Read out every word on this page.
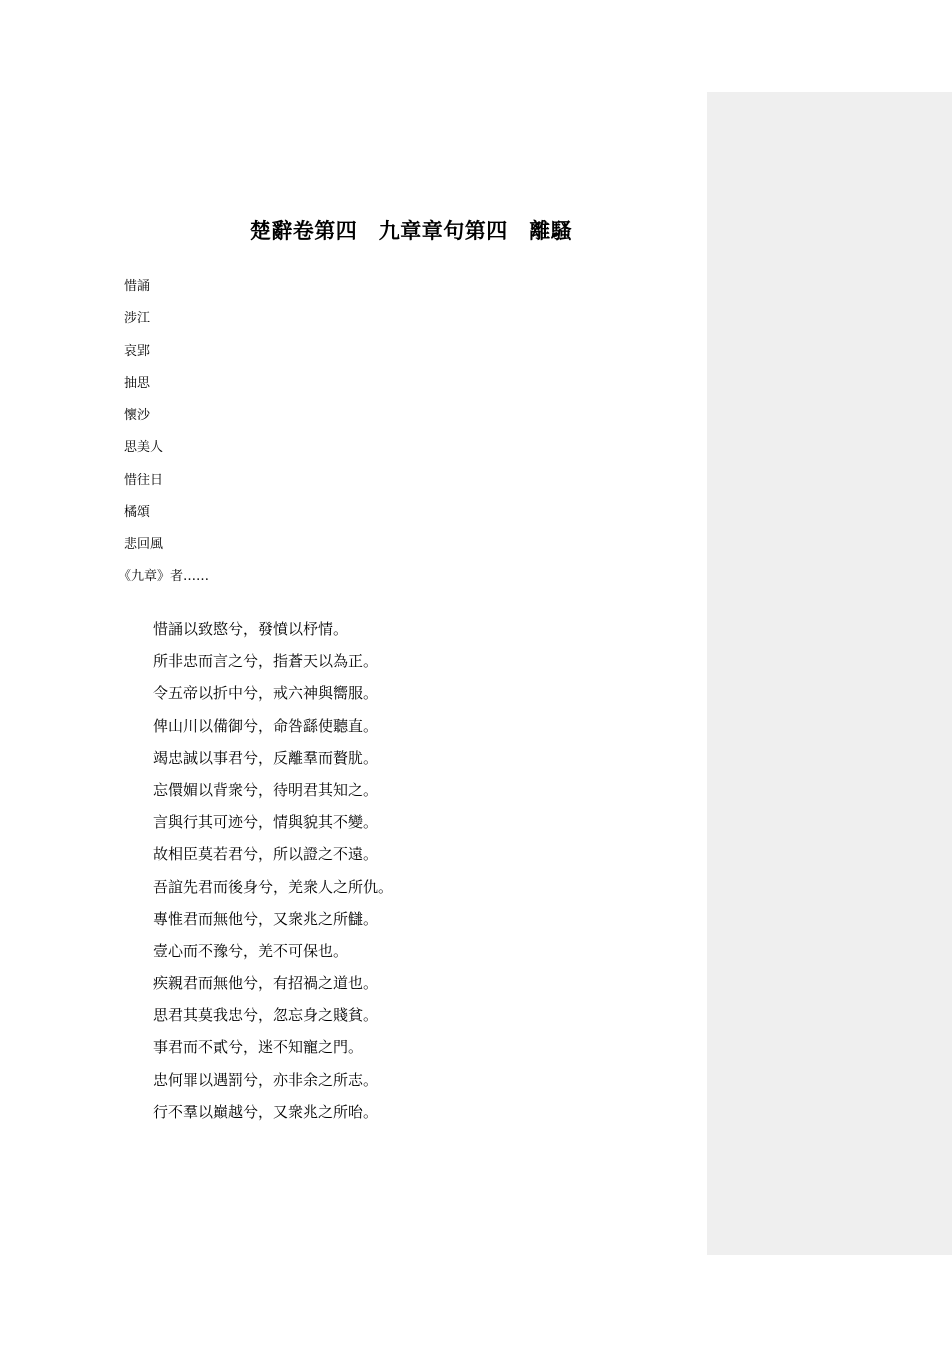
楚辭卷第四　九章章句第四　離騷
惜誦
涉江
哀郢
抽思
懷沙
思美人
惜往日
橘頌
悲回風
《九章》者……
惜誦以致愍兮，發憤以杼情。
所非忠而言之兮，指蒼天以為正。
令五帝以折中兮，戒六神與嚮服。
俾山川以備御兮，命咎繇使聽直。
竭忠誠以事君兮，反離羣而贅肬。
忘儇媚以背衆兮，待明君其知之。
言與行其可迹兮，情與貌其不變。
故相臣莫若君兮，所以證之不遠。
吾誼先君而後身兮，羌衆人之所仇。
專惟君而無他兮，又衆兆之所讎。
壹心而不豫兮，羌不可保也。
疾親君而無他兮，有招禍之道也。
思君其莫我忠兮，忽忘身之賤貧。
事君而不貳兮，迷不知寵之門。
忠何罪以遇罰兮，亦非余之所志。
行不羣以巔越兮，又衆兆之所咍。
